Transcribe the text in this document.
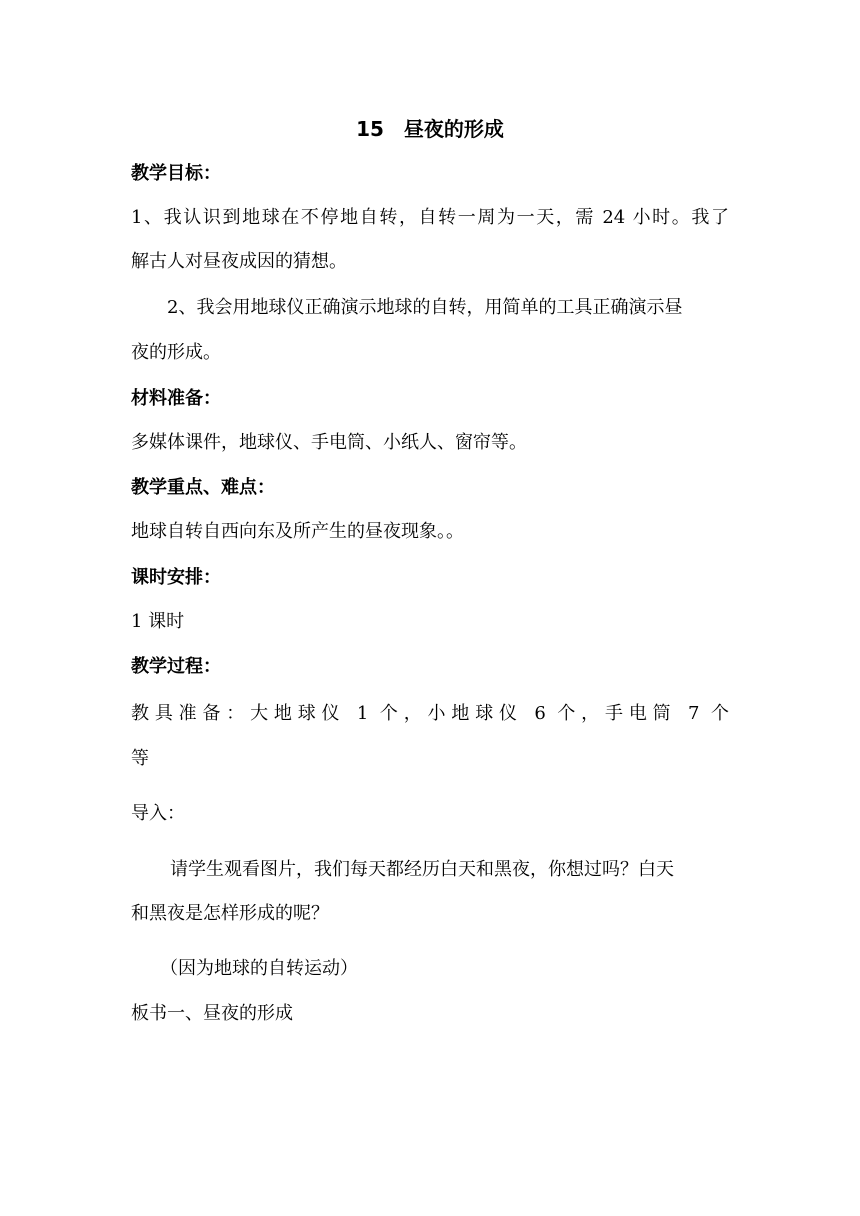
15　昼夜的形成
教学目标：
1、我认识到地球在不停地自转，自转一周为一天，需 24 小时。我了
解古人对昼夜成因的猜想。
2、我会用地球仪正确演示地球的自转，用简单的工具正确演示昼
夜的形成。
材料准备：
多媒体课件，地球仪、手电筒、小纸人、窗帘等。
教学重点、难点：
地球自转自西向东及所产生的昼夜现象。。
课时安排：
1 课时
教学过程：
教具准备：大地球仪 1 个，小地球仪 6 个，手电筒 7 个
等
导入：
请学生观看图片，我们每天都经历白天和黑夜，你想过吗？白天
和黑夜是怎样形成的呢？
（因为地球的自转运动）
板书一、昼夜的形成
